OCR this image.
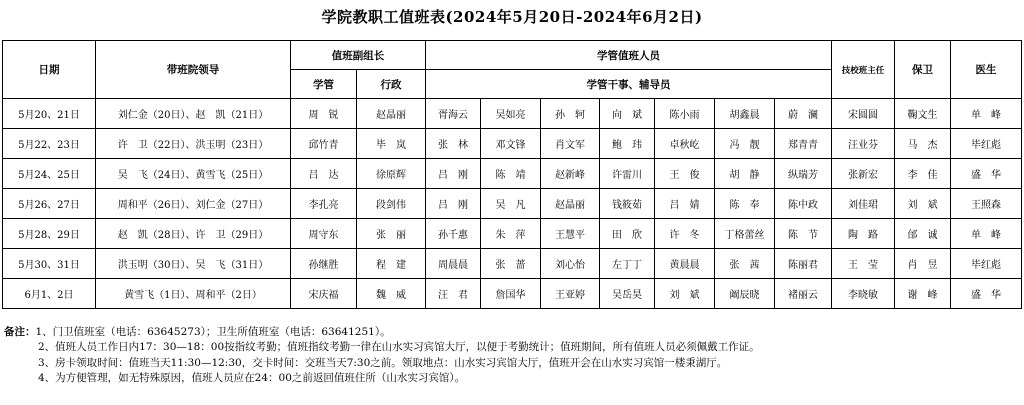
学院教职工值班表(2024年5月20日-2024年6月2日)
日期	带班院领导	值班副组长		学管值班人员							技校班主任	保卫	医生
		学管	行政	学管干事、辅导员									
5月20、21日	刘仁金（20日）、赵　凯（21日）	周　锐	赵晶丽	胥海云	吴如亮	孙　轲	向　斌	陈小雨	胡鑫晨	蔚　澜	宋圆圆	鞠文生	单　峰
5月22、23日	许　卫（22日）、洪玉明（23日）	邱竹青	毕　岚	张　林	邓文锋	肖文军	鲍　玮	卓秋屹	冯　靓	郑青青	汪业芬	马　杰	毕红彪
5月24、25日	吴　飞（24日）、黄雪飞（25日）	吕　达	徐原辉	吕　刚	陈　靖	赵新峰	许雷川	王　俊	胡　静	纵瑞芳	张新宏	李　佳	盛　华
5月26、27日	周和平（26日）、刘仁金（27日）	李孔亮	段剑伟	吕　刚	吴　凡	赵晶丽	钱筱茹	吕　婧	陈　奉	陈中政	刘佳珺	刘　斌	王照森
5月28、29日	赵　凯（28日）、许　卫（29日）	周守东	张　丽	孙千惠	朱　萍	王慧平	田　欣	许　冬	丁格蕾丝	陈　节	陶　路	邰　诚	单　峰
5月30、31日	洪玉明（30日）、吴　飞（31日）	孙继胜	程　建	周晨晨	张　蔷	刘心怡	左丁丁	黄晨晨	张　茜	陈丽君	王　莹	肖　昱	毕红彪
6月1、2日	黄雪飞（1日）、周和平（2日）	宋庆福	魏　威	汪　君	詹国华	王亚婷	吴岳昊	刘　斌	阚辰晓	褚丽云	李晓敏	谢　峰	盛　华
备注：1、门卫值班室（电话：63645273）；卫生所值班室（电话：63641251）。
2、值班人员工作日内17：30—18：00按指纹考勤；值班指纹考勤一律在山水实习宾馆大厅，以便于考勤统计；值班期间，所有值班人员必须佩戴工作证。
3、房卡领取时间：值班当天11:30—12:30，交卡时间：交班当天7:30之前。领取地点：山水实习宾馆大厅，值班开会在山水实习宾馆一楼秉湖厅。
4、为方便管理，如无特殊原因，值班人员应在24：00之前返回值班住所（山水实习宾馆）。
